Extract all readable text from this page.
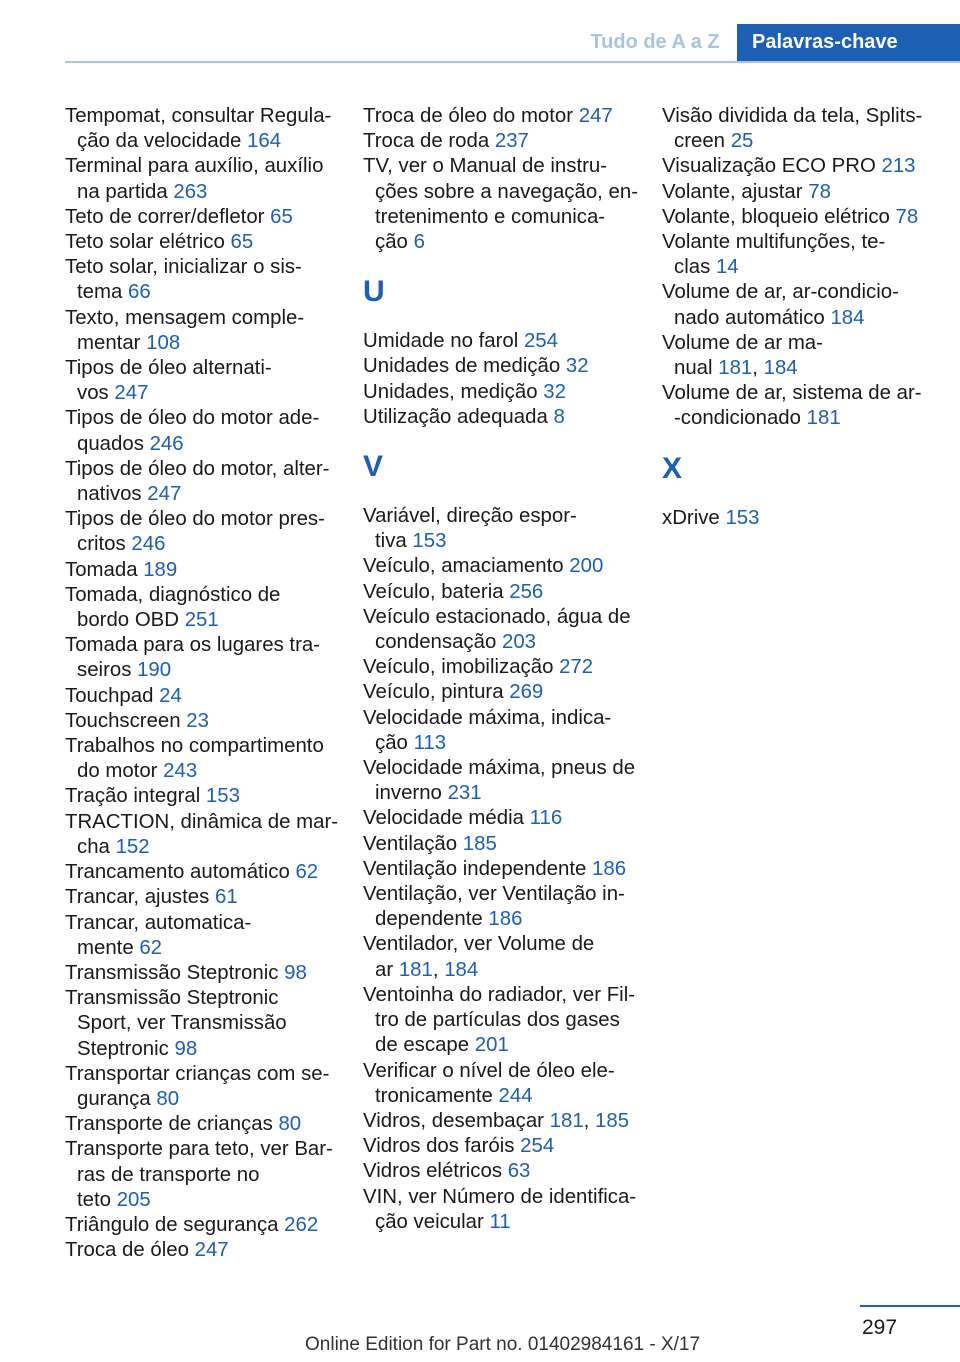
Tudo de A a Z	Palavras-chave
Tempomat, consultar Regula-
ção da velocidade 164
Terminal para auxílio, auxílio
na partida 263
Teto de correr/defletor 65
Teto solar elétrico 65
Teto solar, inicializar o sis-
tema 66
Texto, mensagem comple-
mentar 108
Tipos de óleo alternati-
vos 247
Tipos de óleo do motor ade-
quados 246
Tipos de óleo do motor, alter-
nativos 247
Tipos de óleo do motor pres-
critos 246
Tomada 189
Tomada, diagnóstico de
bordo OBD 251
Tomada para os lugares tra-
seiros 190
Touchpad 24
Touchscreen 23
Trabalhos no compartimento
do motor 243
Tração integral 153
TRACTION, dinâmica de mar-
cha 152
Trancamento automático 62
Trancar, ajustes 61
Trancar, automatica-
mente 62
Transmissão Steptronic 98
Transmissão Steptronic
Sport, ver Transmissão
Steptronic 98
Transportar crianças com se-
gurança 80
Transporte de crianças 80
Transporte para teto, ver Bar-
ras de transporte no
teto 205
Triângulo de segurança 262
Troca de óleo 247
Troca de óleo do motor 247
Troca de roda 237
TV, ver o Manual de instru-
ções sobre a navegação, en-
tretenimento e comunica-
ção 6
U
Umidade no farol 254
Unidades de medição 32
Unidades, medição 32
Utilização adequada 8
V
Variável, direção espor-
tiva 153
Veículo, amaciamento 200
Veículo, bateria 256
Veículo estacionado, água de
condensação 203
Veículo, imobilização 272
Veículo, pintura 269
Velocidade máxima, indica-
ção 113
Velocidade máxima, pneus de
inverno 231
Velocidade média 116
Ventilação 185
Ventilação independente 186
Ventilação, ver Ventilação in-
dependente 186
Ventilador, ver Volume de
ar 181, 184
Ventoinha do radiador, ver Fil-
tro de partículas dos gases
de escape 201
Verificar o nível de óleo ele-
tronicamente 244
Vidros, desembaçar 181, 185
Vidros dos faróis 254
Vidros elétricos 63
VIN, ver Número de identifica-
ção veicular 11
Visão dividida da tela, Splits-
creen 25
Visualização ECO PRO 213
Volante, ajustar 78
Volante, bloqueio elétrico 78
Volante multifunções, te-
clas 14
Volume de ar, ar-condicio-
nado automático 184
Volume de ar ma-
nual 181, 184
Volume de ar, sistema de ar-
-condicionado 181
X
xDrive 153
297
Online Edition for Part no. 01402984161 - X/17
